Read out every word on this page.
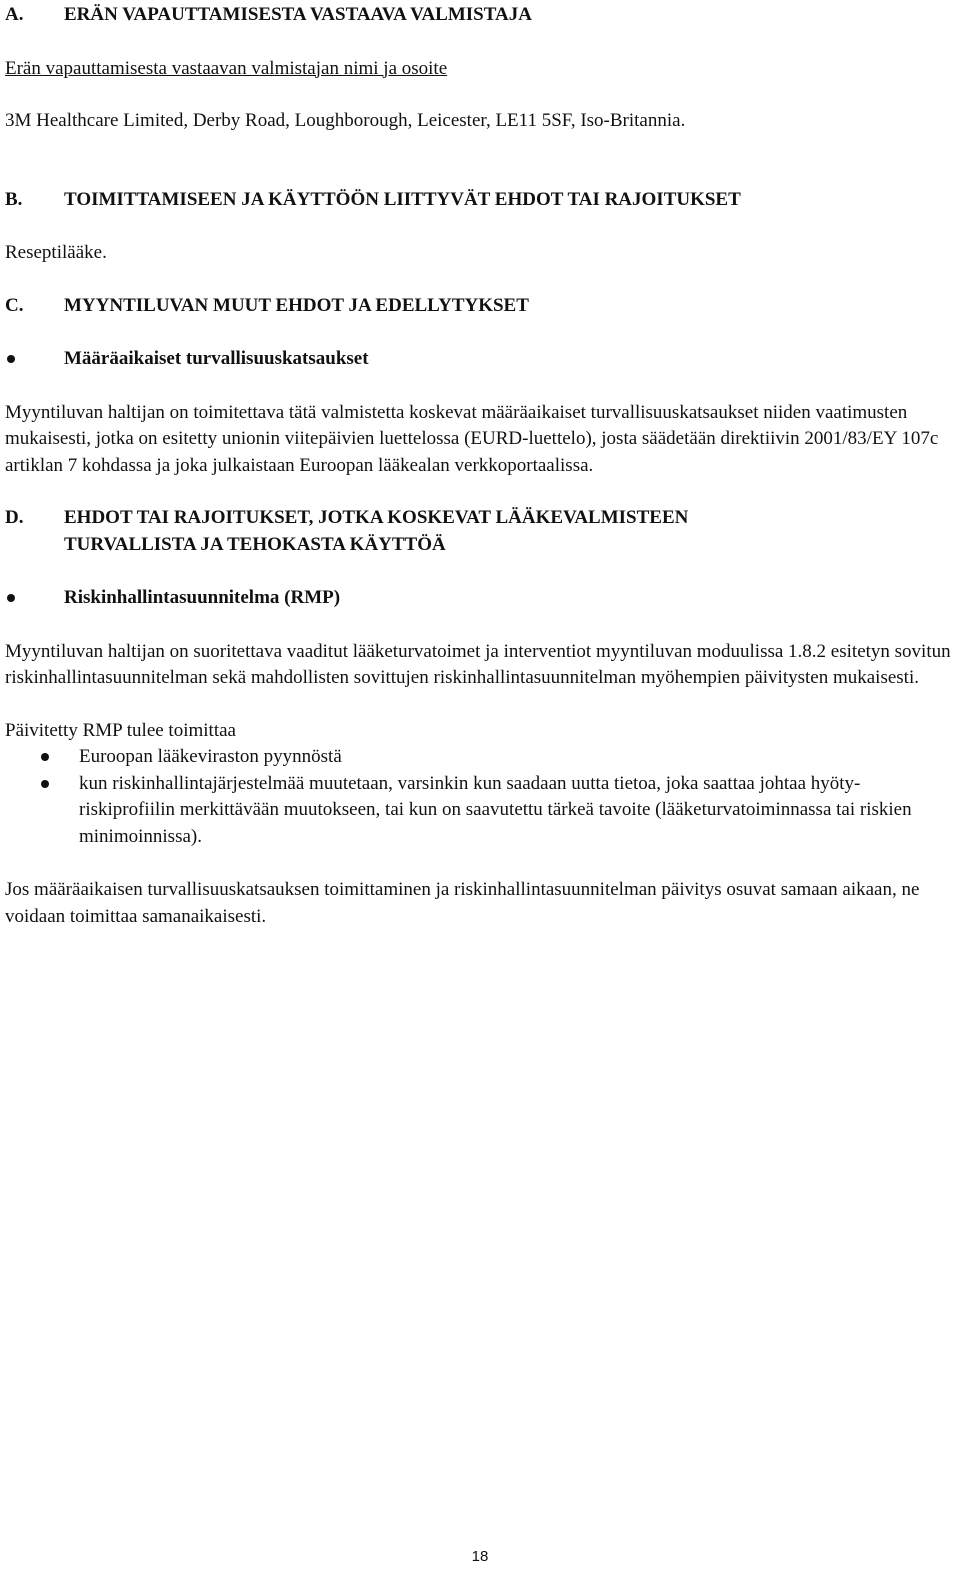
A.	ERÄN VAPAUTTAMISESTA VASTAAVA VALMISTAJA

Erän vapauttamisesta vastaavan valmistajan nimi ja osoite

3M Healthcare Limited, Derby Road, Loughborough, Leicester, LE11 5SF, Iso-Britannia.

B.	TOIMITTAMISEEN JA KÄYTTÖÖN LIITTYVÄT EHDOT TAI RAJOITUKSET

Reseptilääke.

C.	MYYNTILUVAN MUUT EHDOT JA EDELLYTYKSET
Määräaikaiset turvallisuuskatsaukset

Myyntiluvan haltijan on toimitettava tätä valmistetta koskevat määräaikaiset turvallisuuskatsaukset niiden vaatimusten mukaisesti, jotka on esitetty unionin viitepäivien luettelossa (EURD-luettelo), josta säädetään direktiivin 2001/83/EY 107c artiklan 7 kohdassa ja joka julkaistaan Euroopan lääkealan verkkoportaalissa.

D.	EHDOT TAI RAJOITUKSET, JOTKA KOSKEVAT LÄÄKEVALMISTEEN
TURVALLISTA JA TEHOKASTA KÄYTTÖÄ
Riskinhallintasuunnitelma (RMP)

Myyntiluvan haltijan on suoritettava vaaditut lääketurvatoimet ja interventiot myyntiluvan moduulissa 1.8.2 esitetyn sovitun riskinhallintasuunnitelman sekä mahdollisten sovittujen riskinhallintasuunnitelman myöhempien päivitysten mukaisesti.

Päivitetty RMP tulee toimittaa

Euroopan lääkeviraston pyynnöstä
kun riskinhallintajärjestelmää muutetaan, varsinkin kun saadaan uutta tietoa, joka saattaa johtaa hyöty-riskiprofiilin merkittävään muutokseen, tai kun on saavutettu tärkeä tavoite (lääketurvatoiminnassa tai riskien minimoinnissa).

Jos määräaikaisen turvallisuuskatsauksen toimittaminen ja riskinhallintasuunnitelman päivitys osuvat samaan aikaan, ne voidaan toimittaa samanaikaisesti.

18
